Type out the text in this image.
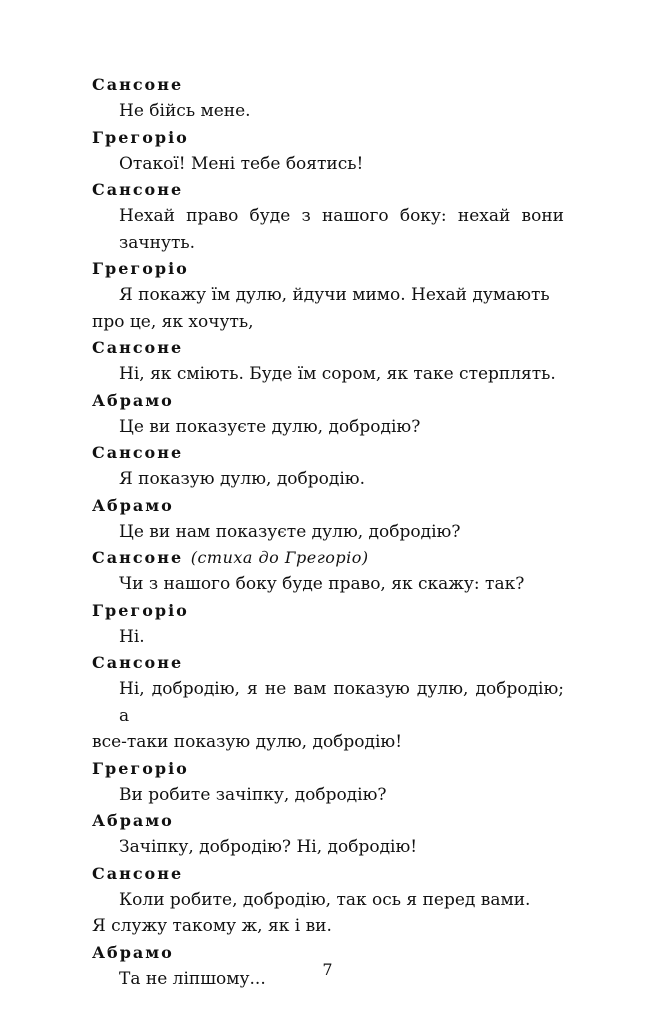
Сансоне

Не бійсь мене.

Грегоріо

Отакої! Мені тебе боятись!

Сансоне

Нехай право буде з нашого боку: нехай вони зачнуть.

Грегоріо

Я покажу їм дулю, йдучи мимо. Нехай думають

про це, як хочуть,

Сансоне

Ні, як сміють. Буде їм сором, як таке стерплять.

Абрамо

Це ви показуєте дулю, добродію?

Сансоне

Я показую дулю, добродію.

Абрамо

Це ви нам показуєте дулю, добродію?

Сансоне (стиха до Грегоріо)

Чи з нашого боку буде право, як скажу: так?

Грегоріо

Ні.

Сансоне

Ні, добродію, я не вам показую дулю, добродію; а

все-таки показую дулю, добродію!

Грегоріо

Ви робите зачіпку, добродію?

Абрамо

Зачіпку, добродію? Ні, добродію!

Сансоне

Коли робите, добродію, так ось я перед вами.

Я служу такому ж, як і ви.

Абрамо

Та не ліпшому...	7
